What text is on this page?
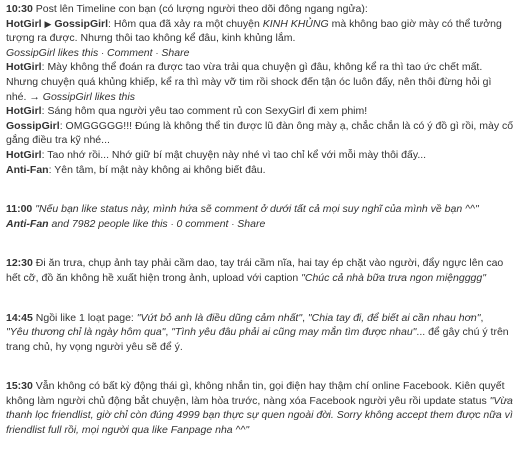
10:30 Post lên Timeline con bạn (có lượng người theo dõi đông ngang ngửa):
HotGirl ▶ GossipGirl: Hôm qua đã xảy ra một chuyện KINH KHỦNG mà không bao giờ mày có thể tưởng
tượng ra được. Nhưng thôi tao không kể đâu, kinh khủng lắm.
GossipGirl likes this · Comment · Share
HotGirl: Mày không thể đoán ra được tao vừa trải qua chuyện gì đâu, không kể ra thì tao ức chết mất.
Nhưng chuyện quá khủng khiếp, kể ra thì mày vỡ tim rồi shock đến tận óc luôn đấy, nên thôi đừng hỏi gì
nhé. → GossipGirl likes this
HotGirl: Sáng hôm qua người yêu tao comment rủ con SexyGirl đi xem phim!
GossipGirl: OMGGGGG!!! Đúng là không thể tin được lũ đàn ông mày ạ, chắc chắn là có ý đồ gì rồi, mày cố
gắng điều tra kỹ nhé...
HotGirl: Tao nhớ rồi... Nhớ giữ bí mật chuyện này nhé vì tao chỉ kể với mỗi mày thôi đấy...
Anti-Fan: Yên tâm, bí mật này không ai không biết đâu.
11:00 "Nếu bạn like status này, mình hứa sẽ comment ở dưới tất cả mọi suy nghĩ của mình về bạn ^^"
Anti-Fan and 7982 people like this · 0 comment · Share
12:30 Đi ăn trưa, chụp ảnh tay phải cầm dao, tay trái cầm nĩa, hai tay ép chặt vào người, đẩy ngực lên cao
hết cỡ, đồ ăn không hề xuất hiện trong ảnh, upload với caption "Chúc cả nhà bữa trưa ngon miệngggg"
14:45 Ngồi like 1 loạt page: "Vứt bỏ anh là điều dũng cảm nhất", "Chia tay đi, để biết ai cần nhau hơn",
"Yêu thương chỉ là ngày hôm qua", "Tình yêu đâu phải ai cũng may mắn tìm được nhau"... để gây chú ý trên
trang chủ, hy vọng người yêu sẽ để ý.
15:30 Vẫn không có bất kỳ động thái gì, không nhắn tin, gọi điện hay thậm chí online Facebook. Kiên quyết
không làm người chủ động bắt chuyện, làm hòa trước, nàng xóa Facebook người yêu rồi update status "Vừa
thanh lọc friendlist, giờ chỉ còn đúng 4999 bạn thực sự quen ngoài đời. Sorry không accept them được nữa vì
friendlist full rồi, mọi người qua like Fanpage nha ^^"
